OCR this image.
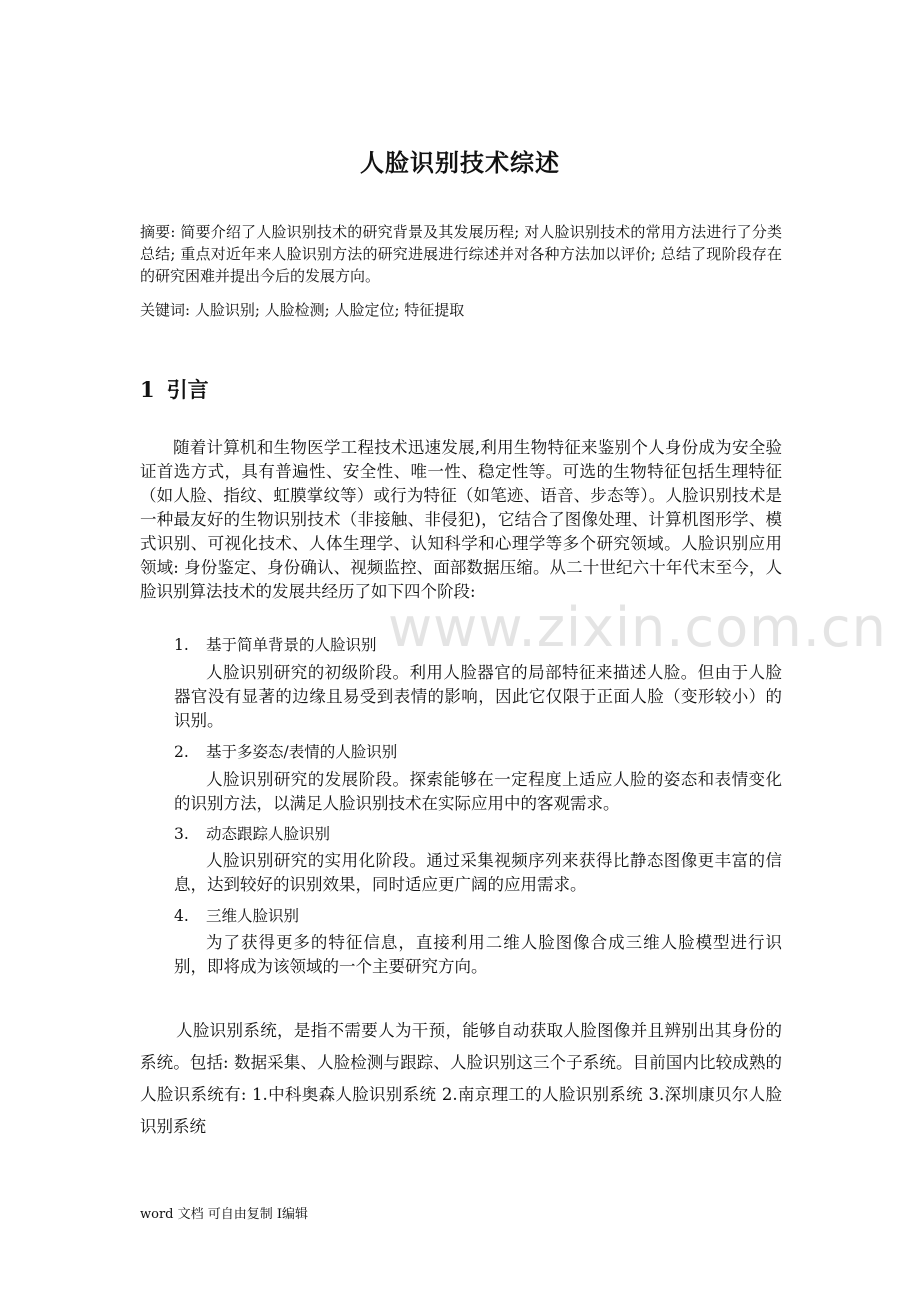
www.zixin.com.cn
人脸识别技术综述

摘要: 简要介绍了人脸识别技术的研究背景及其发展历程; 对人脸识别技术的常用方法进行了分类总结; 重点对近年来人脸识别方法的研究进展进行综述并对各种方法加以评价; 总结了现阶段存在的研究困难并提出今后的发展方向。

关键词: 人脸识别; 人脸检测; 人脸定位; 特征提取

1 引言

随着计算机和生物医学工程技术迅速发展,利用生物特征来鉴别个人身份成为安全验证首选方式，具有普遍性、安全性、唯一性、稳定性等。可选的生物特征包括生理特征（如人脸、指纹、虹膜掌纹等）或行为特征（如笔迹、语音、步态等）。人脸识别技术是一种最友好的生物识别技术（非接触、非侵犯)，它结合了图像处理、计算机图形学、模式识别、可视化技术、人体生理学、认知科学和心理学等多个研究领域。人脸识别应用领域: 身份鉴定、身份确认、视频监控、面部数据压缩。从二十世纪六十年代末至今，人脸识别算法技术的发展共经历了如下四个阶段:

1. 基于简单背景的人脸识别

人脸识别研究的初级阶段。利用人脸器官的局部特征来描述人脸。但由于人脸器官没有显著的边缘且易受到表情的影响，因此它仅限于正面人脸（变形较小）的识别。

2. 基于多姿态/表情的人脸识别

人脸识别研究的发展阶段。探索能够在一定程度上适应人脸的姿态和表情变化的识别方法，以满足人脸识别技术在实际应用中的客观需求。

3. 动态跟踪人脸识别

人脸识别研究的实用化阶段。通过采集视频序列来获得比静态图像更丰富的信息，达到较好的识别效果，同时适应更广阔的应用需求。

4. 三维人脸识别

为了获得更多的特征信息，直接利用二维人脸图像合成三维人脸模型进行识别，即将成为该领域的一个主要研究方向。

人脸识别系统，是指不需要人为干预，能够自动获取人脸图像并且辨别出其身份的系统。包括: 数据采集、人脸检测与跟踪、人脸识别这三个子系统。目前国内比较成熟的人脸识系统有: 1.中科奥森人脸识别系统 2.南京理工的人脸识别系统 3.深圳康贝尔人脸识别系统

word 文档 可自由复制 I编辑
